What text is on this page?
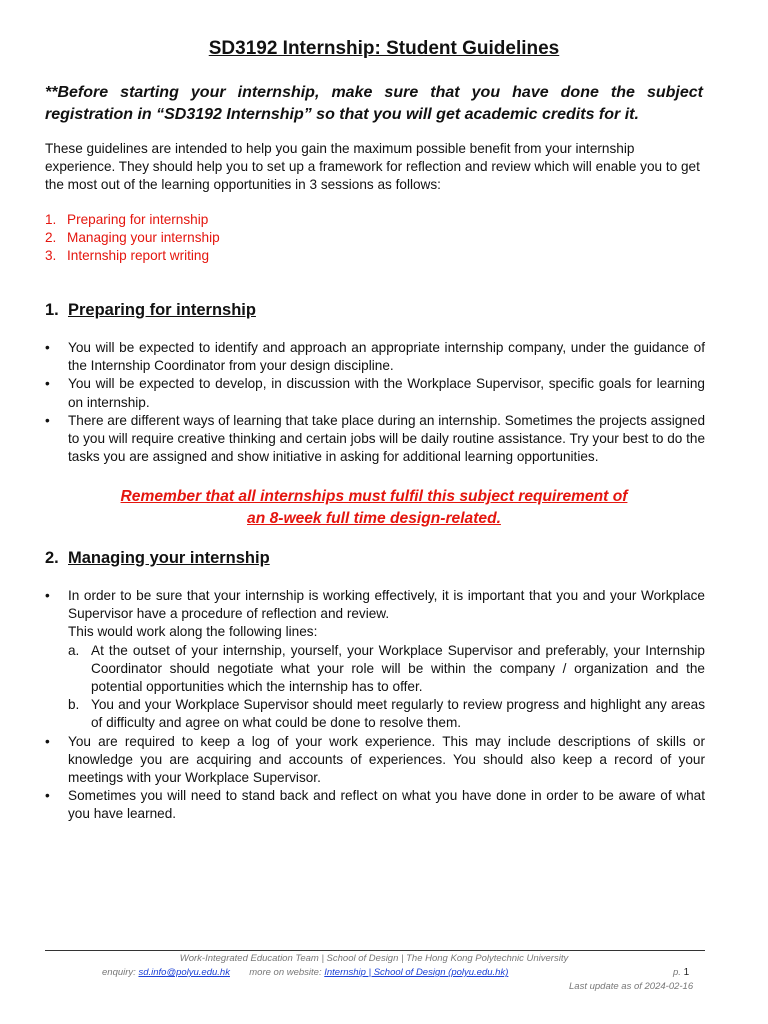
SD3192 Internship: Student Guidelines

**Before starting your internship, make sure that you have done the subject registration in “SD3192 Internship” so that you will get academic credits for it.

These guidelines are intended to help you gain the maximum possible benefit from your internship experience. They should help you to set up a framework for reflection and review which will enable you to get the most out of the learning opportunities in 3 sessions as follows:

1. Preparing for internship
2. Managing your internship
3. Internship report writing
1. Preparing for internship
• You will be expected to identify and approach an appropriate internship company, under the guidance of the Internship Coordinator from your design discipline.
• You will be expected to develop, in discussion with the Workplace Supervisor, specific goals for learning on internship.
• There are different ways of learning that take place during an internship. Sometimes the projects assigned to you will require creative thinking and certain jobs will be daily routine assistance. Try your best to do the tasks you are assigned and show initiative in asking for additional learning opportunities.

Remember that all internships must fulfil this subject requirement of
an 8-week full time design-related.

2. Managing your internship
• In order to be sure that your internship is working effectively, it is important that you and your Workplace Supervisor have a procedure of reflection and review.
This would work along the following lines:
a. At the outset of your internship, yourself, your Workplace Supervisor and preferably, your Internship Coordinator should negotiate what your role will be within the company / organization and the potential opportunities which the internship has to offer.
b. You and your Workplace Supervisor should meet regularly to review progress and highlight any areas of difficulty and agree on what could be done to resolve them.
• You are required to keep a log of your work experience. This may include descriptions of skills or knowledge you are acquiring and accounts of experiences. You should also keep a record of your meetings with your Workplace Supervisor.
• Sometimes you will need to stand back and reflect on what you have done in order to be aware of what you have learned.
Work-Integrated Education Team | School of Design | The Hong Kong Polytechnic University
enquiry: sd.info@polyu.edu.hk more on website: Internship | School of Design (polyu.edu.hk)	p. 1
Last update as of 2024-02-16
